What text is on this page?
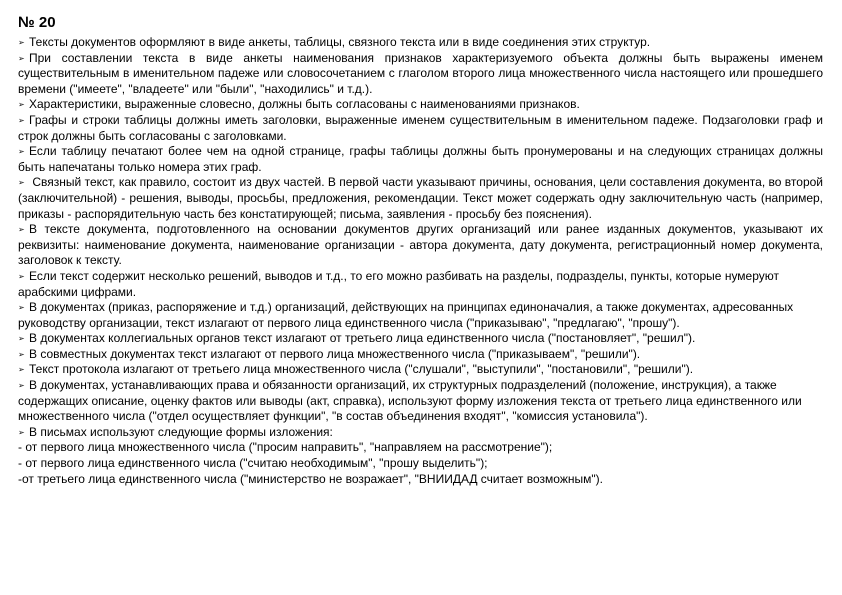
№ 20

➢ Тексты документов оформляют в виде анкеты, таблицы, связного текста или в виде соединения этих структур.

➢ При составлении текста в виде анкеты наименования признаков характеризуемого объекта должны быть выражены именем существительным в именительном падеже или словосочетанием с глаголом второго лица множественного числа настоящего или прошедшего времени ("имеете", "владеете" или "были", "находились" и т.д.).

➢ Характеристики, выраженные словесно, должны быть согласованы с наименованиями признаков.

➢ Графы и строки таблицы должны иметь заголовки, выраженные именем существительным в именительном падеже. Подзаголовки граф и строк должны быть согласованы с заголовками.

➢ Если таблицу печатают более чем на одной странице, графы таблицы должны быть пронумерованы и на следующих страницах должны быть напечатаны только номера этих граф.

➢ Связный текст, как правило, состоит из двух частей. В первой части указывают причины, основания, цели составления документа, во второй (заключительной) - решения, выводы, просьбы, предложения, рекомендации. Текст может содержать одну заключительную часть (например, приказы - распорядительную часть без констатирующей; письма, заявления - просьбу без пояснения).

➢ В тексте документа, подготовленного на основании документов других организаций или ранее изданных документов, указывают их реквизиты: наименование документа, наименование организации - автора документа, дату документа, регистрационный номер документа, заголовок к тексту.

➢ Если текст содержит несколько решений, выводов и т.д., то его можно разбивать на разделы, подразделы, пункты, которые нумеруют арабскими цифрами.

➢ В документах (приказ, распоряжение и т.д.) организаций, действующих на принципах единоначалия, а также документах, адресованных руководству организации, текст излагают от первого лица единственного числа ("приказываю", "предлагаю", "прошу").

➢ В документах коллегиальных органов текст излагают от третьего лица единственного числа ("постановляет", "решил").

➢ В совместных документах текст излагают от первого лица множественного числа ("приказываем", "решили").

➢ Текст протокола излагают от третьего лица множественного числа ("слушали", "выступили", "постановили", "решили").

➢ В документах, устанавливающих права и обязанности организаций, их структурных подразделений (положение, инструкция), а также содержащих описание, оценку фактов или выводы (акт, справка), используют форму изложения текста от третьего лица единственного или множественного числа ("отдел осуществляет функции", "в состав объединения входят", "комиссия установила").

➢ В письмах используют следующие формы изложения:

- от первого лица множественного числа ("просим направить", "направляем на рассмотрение");

- от первого лица единственного числа ("считаю необходимым", "прошу выделить");

-от третьего лица единственного числа ("министерство не возражает", "ВНИИДАД считает возможным").
